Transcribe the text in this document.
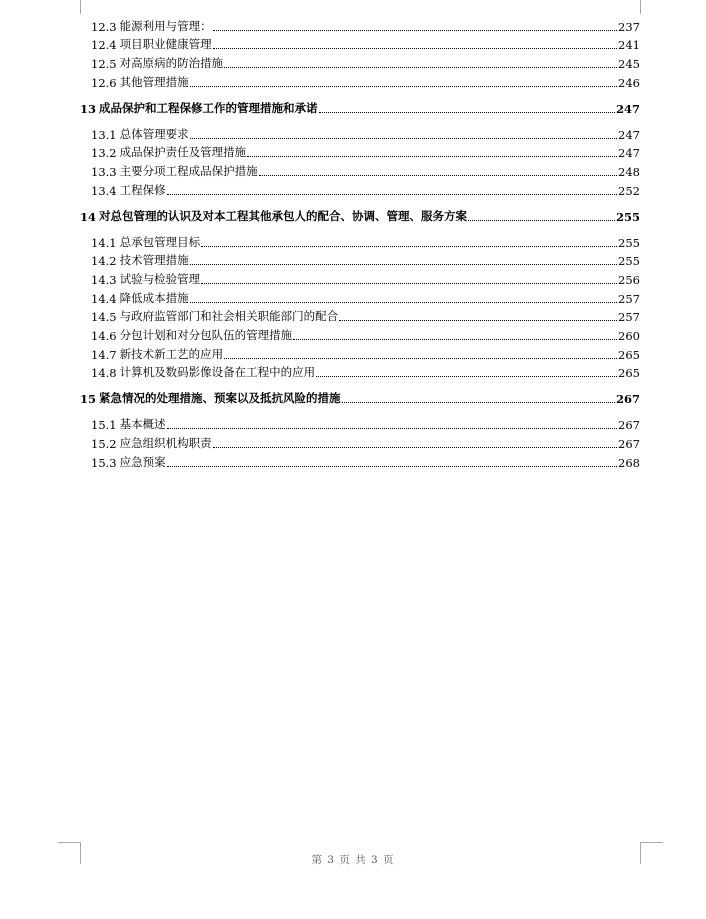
12.3 能源利用与管理：	237
12.4 项目职业健康管理	241
12.5 对高原病的防治措施	245
12.6 其他管理措施	246
13 成品保护和工程保修工作的管理措施和承诺	247
13.1 总体管理要求	247
13.2 成品保护责任及管理措施	247
13.3 主要分项工程成品保护措施	248
13.4 工程保修	252
14 对总包管理的认识及对本工程其他承包人的配合、协调、管理、服务方案	255
14.1 总承包管理目标	255
14.2 技术管理措施	255
14.3 试验与检验管理	256
14.4 降低成本措施	257
14.5 与政府监管部门和社会相关职能部门的配合	257
14.6 分包计划和对分包队伍的管理措施	260
14.7 新技术新工艺的应用	265
14.8 计算机及数码影像设备在工程中的应用	265
15 紧急情况的处理措施、预案以及抵抗风险的措施	267
15.1 基本概述	267
15.2 应急组织机构职责	267
15.3 应急预案	268
第 3 页 共 3 页
